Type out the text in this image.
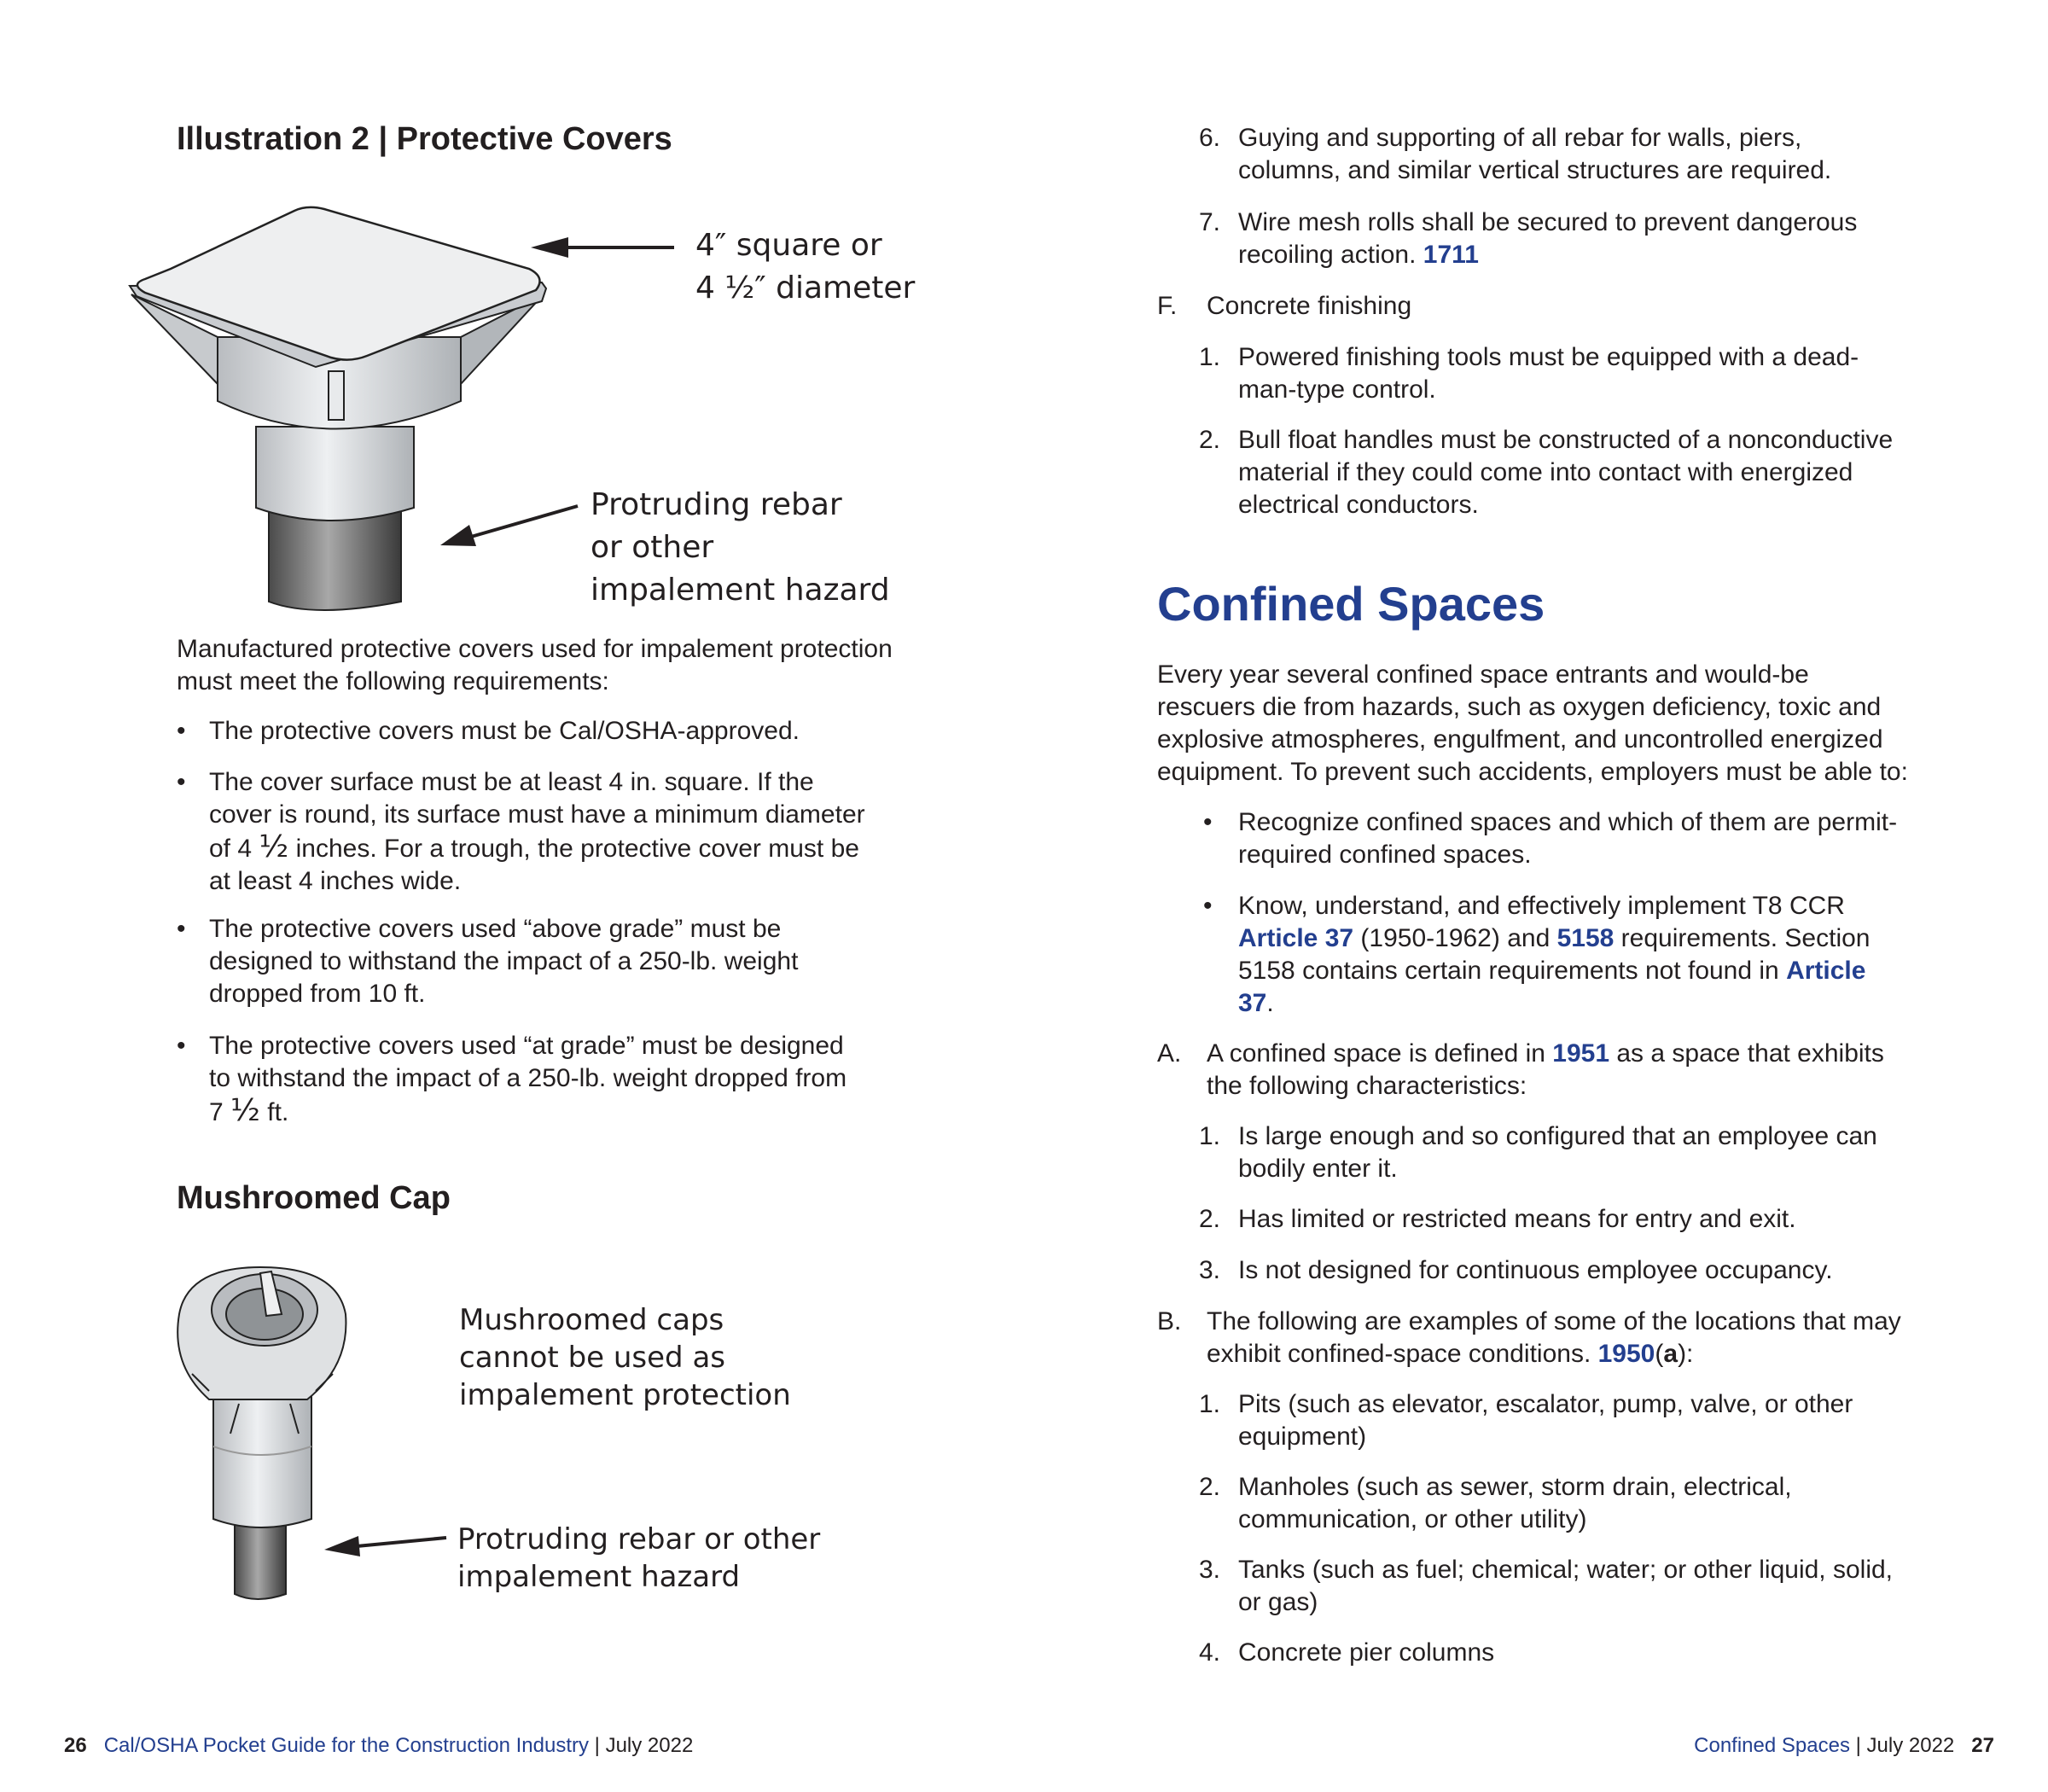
Illustration 2 | Protective Covers
4″ square or
4 ½″ diameter
Protruding rebar
or other
impalement hazard
Manufactured protective covers used for impalement protection must meet the following requirements:
• The protective covers must be Cal/OSHA-approved.
• The cover surface must be at least 4 in. square. If the
cover is round, its surface must have a minimum diameter
of 4 ½ inches. For a trough, the protective cover must be
at least 4 inches wide.
• The protective covers used “above grade” must be
designed to withstand the impact of a 250-lb. weight
dropped from 10 ft.
• The protective covers used “at grade” must be designed
to withstand the impact of a 250-lb. weight dropped from
7 ½ ft.
Mushroomed Cap
Mushroomed caps
cannot be used as
impalement protection
Protruding rebar or other
impalement hazard
6. Guying and supporting of all rebar for walls, piers,
columns, and similar vertical structures are required.
7. Wire mesh rolls shall be secured to prevent dangerous
recoiling action. 1711
F.	Concrete finishing
1. Powered finishing tools must be equipped with a dead-
man-type control.
2. Bull float handles must be constructed of a nonconductive
material if they could come into contact with energized
electrical conductors.
Confined Spaces
Every year several confined space entrants and would-be
rescuers die from hazards, such as oxygen deficiency, toxic and
explosive atmospheres, engulfment, and uncontrolled energized
equipment. To prevent such accidents, employers must be able to:
• Recognize confined spaces and which of them are permit-
required confined spaces.
• Know, understand, and effectively implement T8 CCR
Article 37 (1950-1962) and 5158 requirements. Section
5158 contains certain requirements not found in Article
37.
A. A confined space is defined in 1951 as a space that exhibits
the following characteristics:
1. Is large enough and so configured that an employee can
bodily enter it.
2. Has limited or restricted means for entry and exit.
3. Is not designed for continuous employee occupancy.
B. The following are examples of some of the locations that may
exhibit confined-space conditions. 1950(a):
1. Pits (such as elevator, escalator, pump, valve, or other
equipment)
2. Manholes (such as sewer, storm drain, electrical,
communication, or other utility)
3. Tanks (such as fuel; chemical; water; or other liquid, solid,
or gas)
4. Concrete pier columns
26 Cal/OSHA Pocket Guide for the Construction Industry | July 2022	Confined Spaces | July 2022 27
